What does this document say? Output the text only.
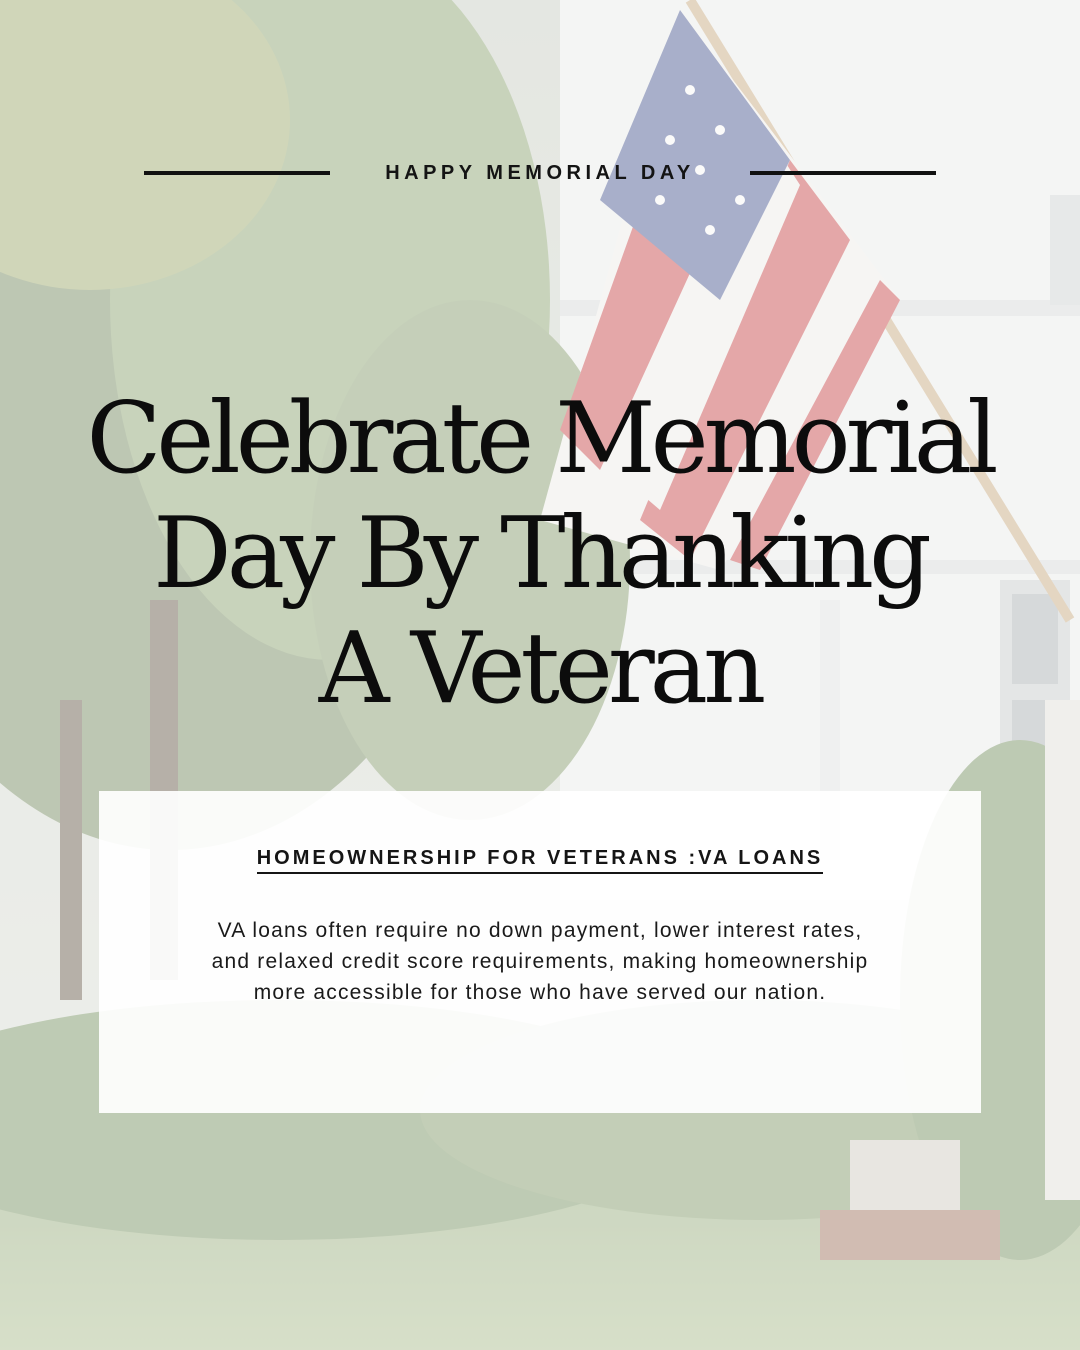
HAPPY MEMORIAL DAY
Celebrate Memorial
Day By Thanking
A Veteran
HOMEOWNERSHIP FOR VETERANS :VA LOANS

VA loans often require no down payment, lower interest rates, and relaxed credit score requirements, making homeownership more accessible for those who have served our nation.
